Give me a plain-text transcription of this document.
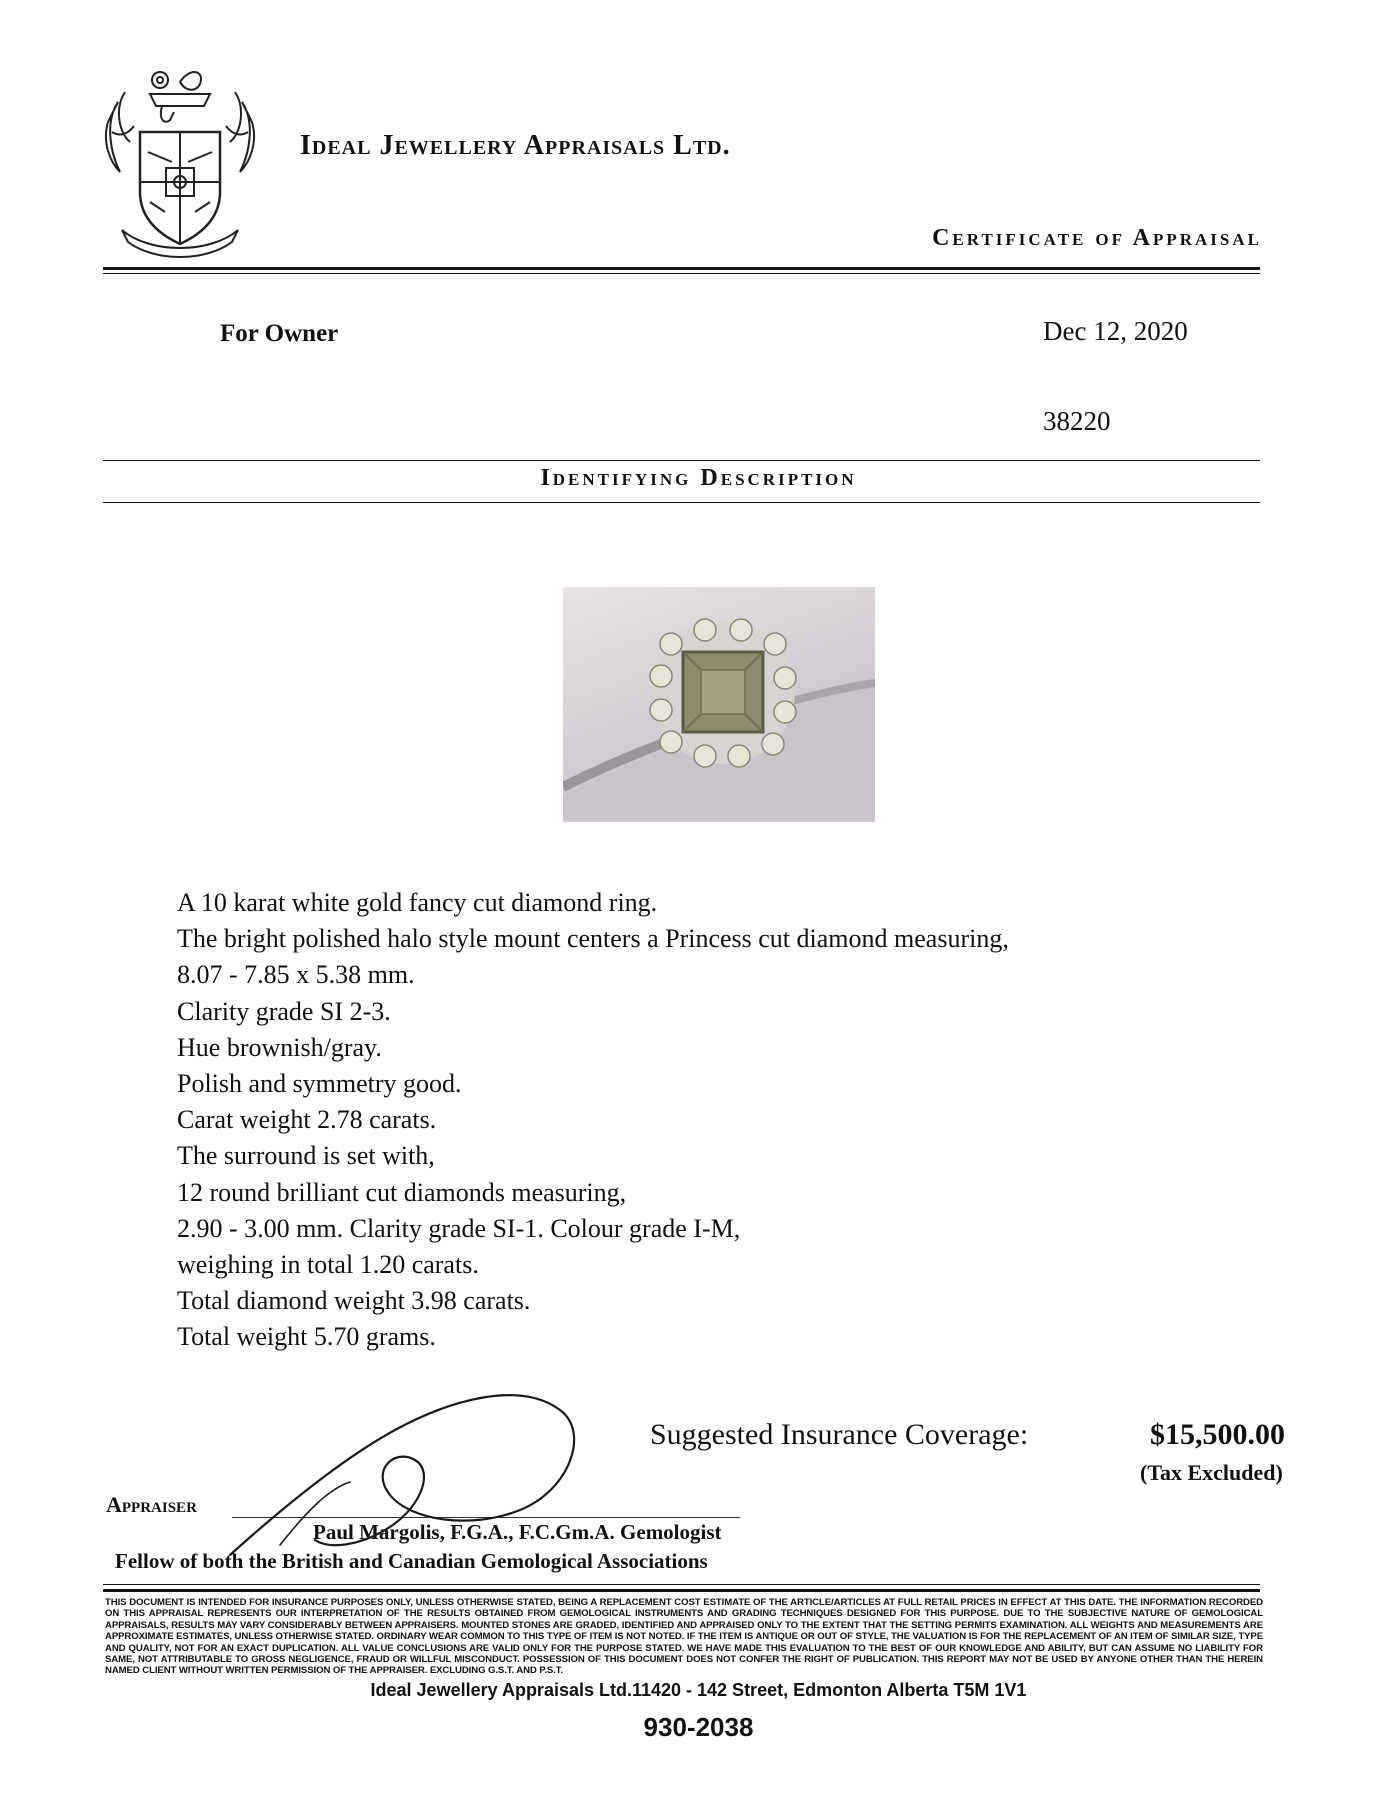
Ideal Jewellery Appraisals Ltd.
Certificate of Appraisal
For Owner	Dec 12, 2020
38220
Identifying Description
A 10 karat white gold fancy cut diamond ring.
The bright polished halo style mount centers a Princess cut diamond measuring,
8.07 - 7.85 x 5.38 mm.
Clarity grade SI 2-3.
Hue brownish/gray.
Polish and symmetry good.
Carat weight 2.78 carats.
The surround is set with,
12 round brilliant cut diamonds measuring,
2.90 - 3.00 mm. Clarity grade SI-1. Colour grade I-M,
weighing in total 1.20 carats.
Total diamond weight 3.98 carats.
Total weight 5.70 grams.
Suggested Insurance Coverage:	$15,500.00
(Tax Excluded)
Appraiser
Paul Margolis, F.G.A., F.C.Gm.A. Gemologist
Fellow of both the British and Canadian Gemological Associations
THIS DOCUMENT IS INTENDED FOR INSURANCE PURPOSES ONLY, UNLESS OTHERWISE STATED, BEING A REPLACEMENT COST ESTIMATE OF THE ARTICLE/ARTICLES AT FULL RETAIL PRICES IN EFFECT AT THIS DATE. THE INFORMATION RECORDED ON THIS APPRAISAL REPRESENTS OUR INTERPRETATION OF THE RESULTS OBTAINED FROM GEMOLOGICAL INSTRUMENTS AND GRADING TECHNIQUES DESIGNED FOR THIS PURPOSE. DUE TO THE SUBJECTIVE NATURE OF GEMOLOGICAL APPRAISALS, RESULTS MAY VARY CONSIDERABLY BETWEEN APPRAISERS. MOUNTED STONES ARE GRADED, IDENTIFIED AND APPRAISED ONLY TO THE EXTENT THAT THE SETTING PERMITS EXAMINATION. ALL WEIGHTS AND MEASUREMENTS ARE APPROXIMATE ESTIMATES, UNLESS OTHERWISE STATED. ORDINARY WEAR COMMON TO THIS TYPE OF ITEM IS NOT NOTED. IF THE ITEM IS ANTIQUE OR OUT OF STYLE, THE VALUATION IS FOR THE REPLACEMENT OF AN ITEM OF SIMILAR SIZE, TYPE AND QUALITY, NOT FOR AN EXACT DUPLICATION. ALL VALUE CONCLUSIONS ARE VALID ONLY FOR THE PURPOSE STATED. WE HAVE MADE THIS EVALUATION TO THE BEST OF OUR KNOWLEDGE AND ABILITY, BUT CAN ASSUME NO LIABILITY FOR SAME, NOT ATTRIBUTABLE TO GROSS NEGLIGENCE, FRAUD OR WILLFUL MISCONDUCT. POSSESSION OF THIS DOCUMENT DOES NOT CONFER THE RIGHT OF PUBLICATION. THIS REPORT MAY NOT BE USED BY ANYONE OTHER THAN THE HEREIN NAMED CLIENT WITHOUT WRITTEN PERMISSION OF THE APPRAISER. EXCLUDING G.S.T. AND P.S.T.
Ideal Jewellery Appraisals Ltd.11420 - 142 Street, Edmonton Alberta T5M 1V1
930-2038
